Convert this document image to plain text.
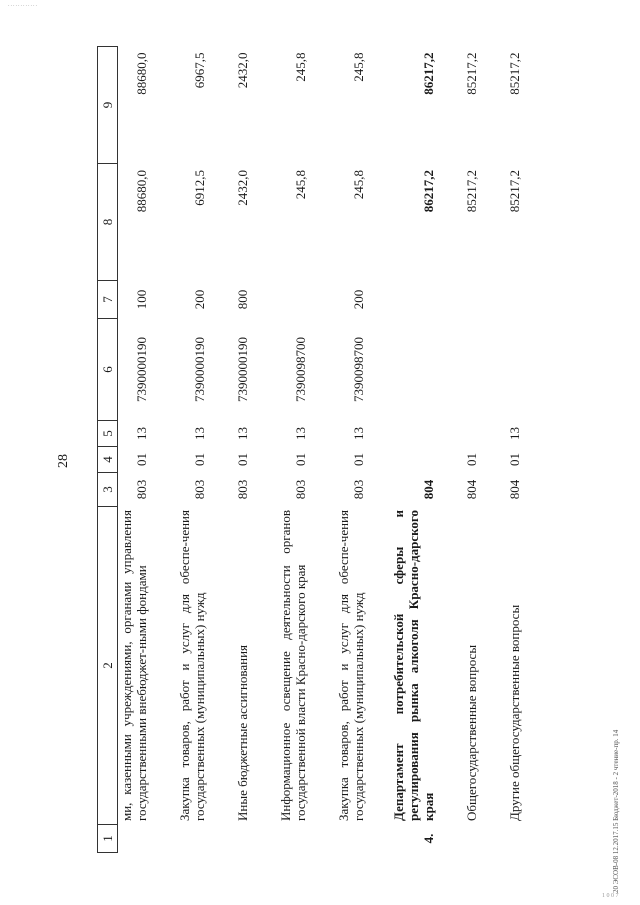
............
1 0 0 7
28
20 ЭСОВ-08 12.2017.15 Бюджет-2018 - 2 чтение-пр. 14
1	2	3	4	5	6	7	8	9
	ми, казенными учреждениями, органами управления государственными внебюджет-ными фондами	803	01	13	7390000190	100	88680,0	88680,0
	Закупка товаров, работ и услуг для обеспе-чения государственных (муниципальных) нужд	803	01	13	7390000190	200	6912,5	6967,5
	Иные бюджетные ассигнования	803	01	13	7390000190	800	2432,0	2432,0
	Информационное освещение деятельности органов государственной власти Красно-дарского края	803	01	13	7390098700		245,8	245,8
	Закупка товаров, работ и услуг для обеспе-чения государственных (муниципальных) нужд	803	01	13	7390098700	200	245,8	245,8
4.	Департамент потребительской сферы и регулирования рынка алкоголя Красно-дарского края	804					86217,2	86217,2
	Общегосударственные вопросы	804	01				85217,2	85217,2
	Другие общегосударственные вопросы	804	01	13			85217,2	85217,2
